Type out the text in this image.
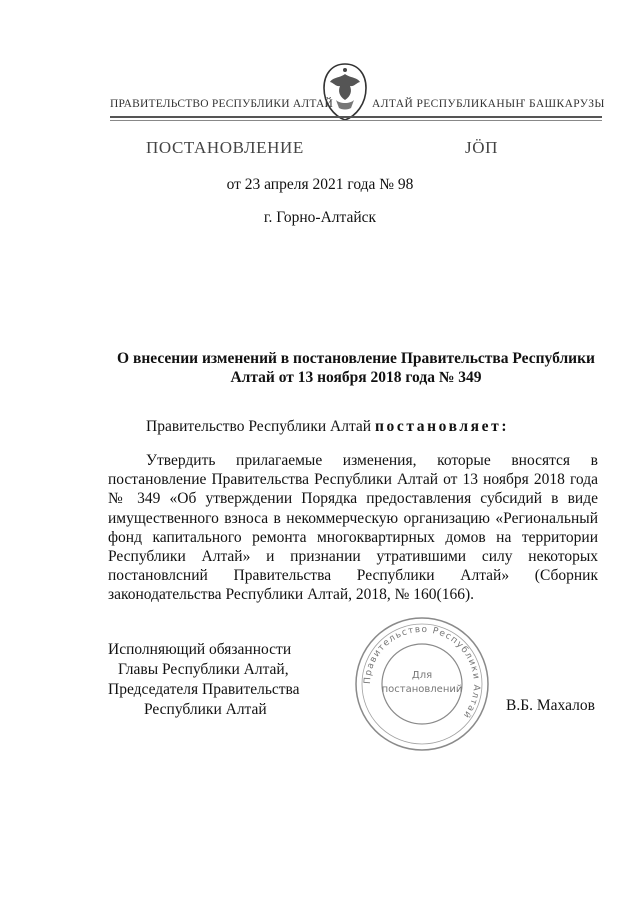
ПРАВИТЕЛЬСТВО РЕСПУБЛИКИ АЛТАЙ	АЛТАЙ РЕСПУБЛИКАНЫҤ БАШКАРУЗЫ
ПОСТАНОВЛЕНИЕ	ЈӦП
от 23 апреля 2021 года № 98
г. Горно-Алтайск
О внесении изменений в постановление Правительства Республики Алтай от 13 ноября 2018 года № 349
Правительство Республики Алтай постановляет:
Утвердить прилагаемые изменения, которые вносятся в постановление Правительства Республики Алтай от 13 ноября 2018 года № 349 «Об утверждении Порядка предоставления субсидий в виде имущественного взноса в некоммерческую организацию «Региональный фонд капитального ремонта многоквартирных домов на территории Республики Алтай» и признании утратившими силу некоторых постановлсний Правительства Республики Алтай» (Сборник законодательства Республики Алтай, 2018, № 160(166).
Исполняющий обязанности
Главы Республики Алтай,
Председателя Правительства
Республики Алтай	В.Б. Махалов
Правительство Республики Алтай
Для
постановлений
